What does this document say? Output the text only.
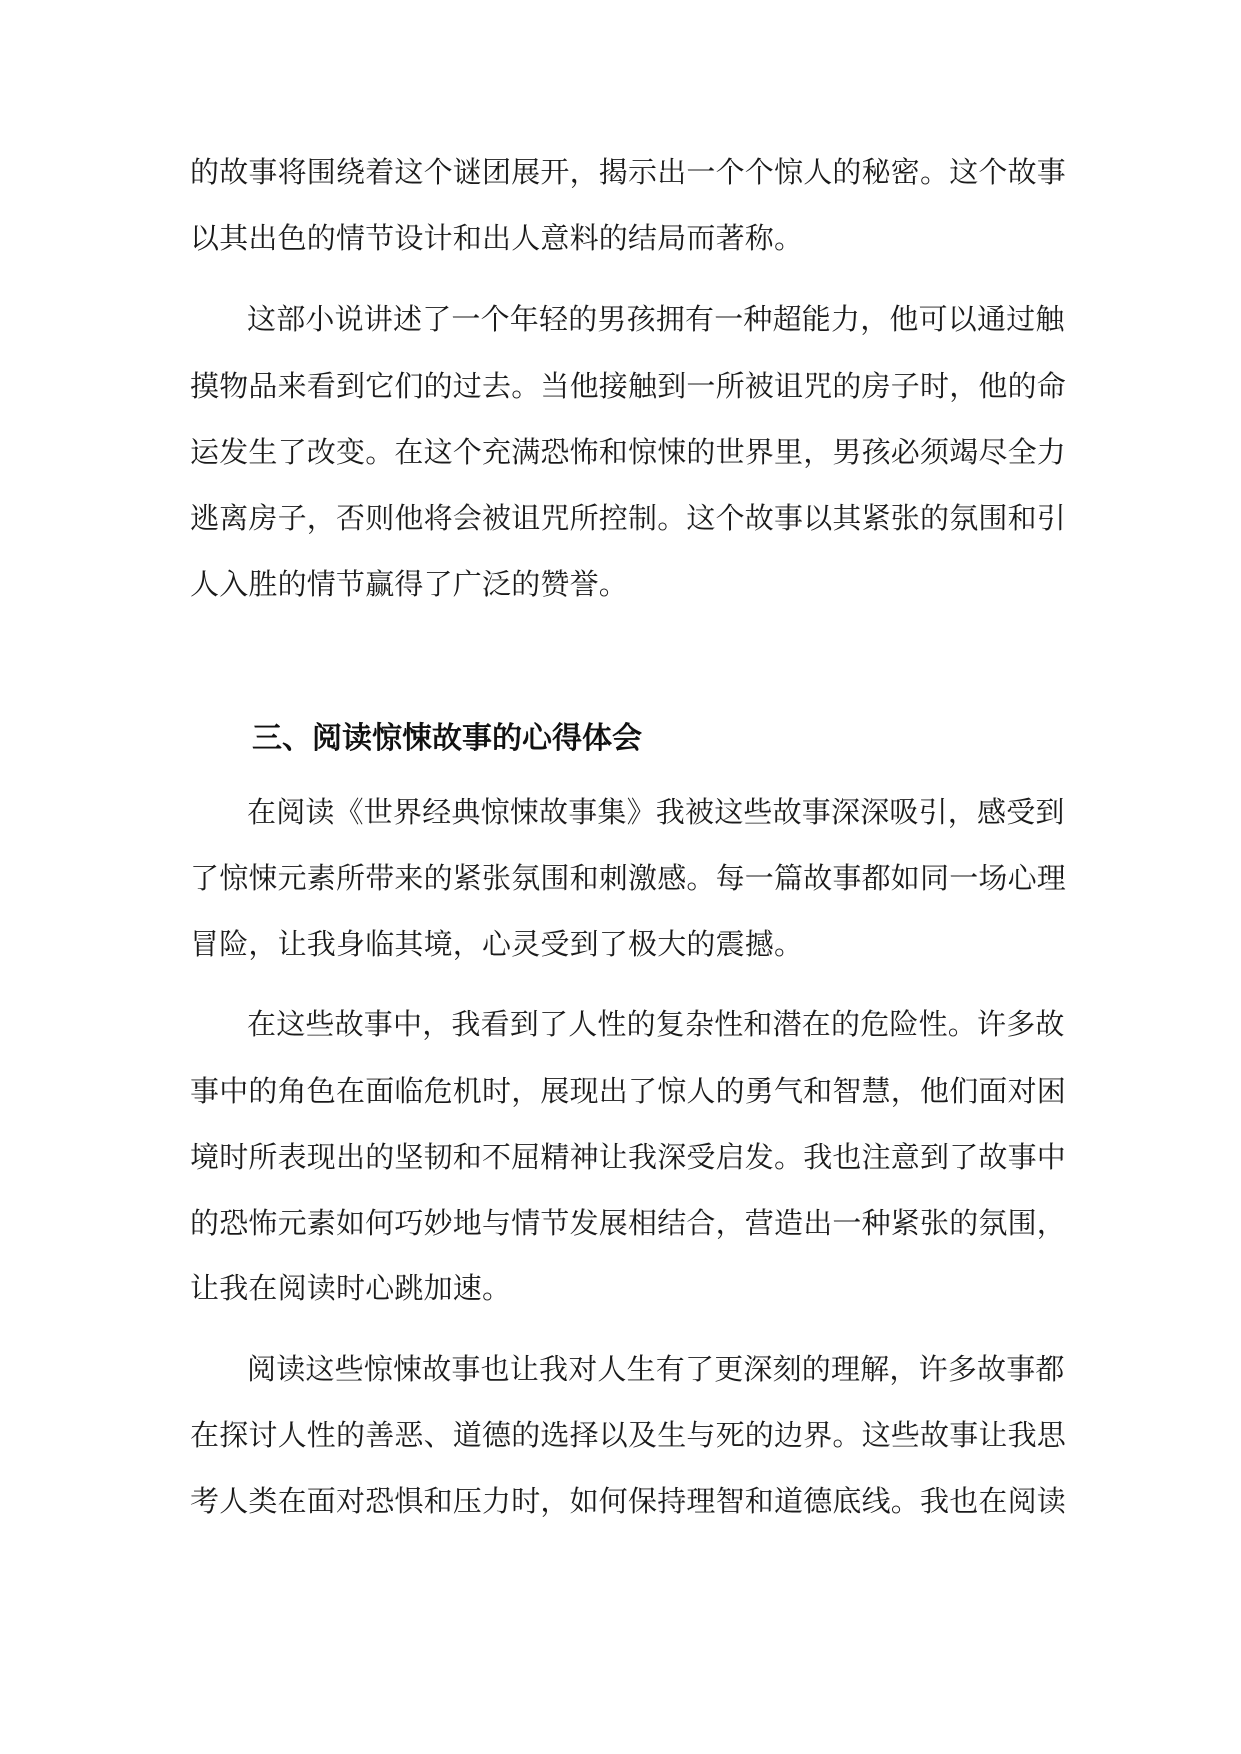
的故事将围绕着这个谜团展开，揭示出一个个惊人的秘密。这个故事
以其出色的情节设计和出人意料的结局而著称。
这部小说讲述了一个年轻的男孩拥有一种超能力，他可以通过触
摸物品来看到它们的过去。当他接触到一所被诅咒的房子时，他的命
运发生了改变。在这个充满恐怖和惊悚的世界里，男孩必须竭尽全力
逃离房子，否则他将会被诅咒所控制。这个故事以其紧张的氛围和引
人入胜的情节赢得了广泛的赞誉。
三、阅读惊悚故事的心得体会
在阅读《世界经典惊悚故事集》我被这些故事深深吸引，感受到
了惊悚元素所带来的紧张氛围和刺激感。每一篇故事都如同一场心理
冒险，让我身临其境，心灵受到了极大的震撼。
在这些故事中，我看到了人性的复杂性和潜在的危险性。许多故
事中的角色在面临危机时，展现出了惊人的勇气和智慧，他们面对困
境时所表现出的坚韧和不屈精神让我深受启发。我也注意到了故事中
的恐怖元素如何巧妙地与情节发展相结合，营造出一种紧张的氛围，
让我在阅读时心跳加速。
阅读这些惊悚故事也让我对人生有了更深刻的理解，许多故事都
在探讨人性的善恶、道德的选择以及生与死的边界。这些故事让我思
考人类在面对恐惧和压力时，如何保持理智和道德底线。我也在阅读
